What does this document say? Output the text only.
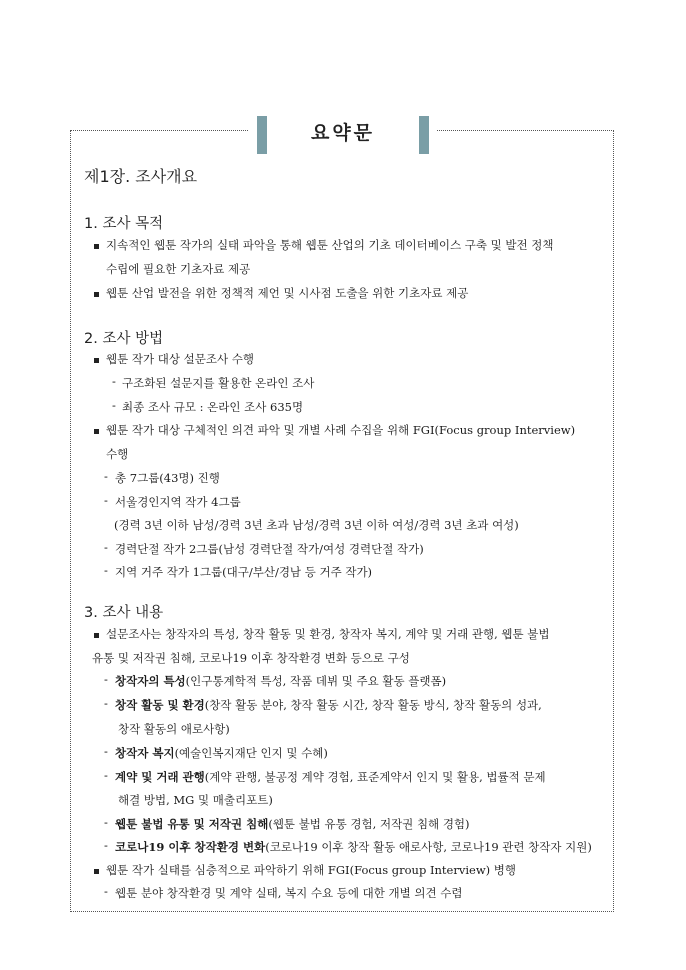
요약문
제1장. 조사개요
1. 조사 목적
지속적인 웹툰 작가의 실태 파악을 통해 웹툰 산업의 기초 데이터베이스 구축 및 발전 정책
수립에 필요한 기초자료 제공
웹툰 산업 발전을 위한 정책적 제언 및 시사점 도출을 위한 기초자료 제공
2. 조사 방법
웹툰 작가 대상 설문조사 수행
- 구조화된 설문지를 활용한 온라인 조사
- 최종 조사 규모 : 온라인 조사 635명
웹툰 작가 대상 구체적인 의견 파악 및 개별 사례 수집을 위해 FGI(Focus group Interview)
수행
- 총 7그룹(43명) 진행
- 서울경인지역 작가 4그룹
(경력 3년 이하 남성/경력 3년 초과 남성/경력 3년 이하 여성/경력 3년 초과 여성)
- 경력단절 작가 2그룹(남성 경력단절 작가/여성 경력단절 작가)
- 지역 거주 작가 1그룹(대구/부산/경남 등 거주 작가)
3. 조사 내용
설문조사는 창작자의 특성, 창작 활동 및 환경, 창작자 복지, 계약 및 거래 관행, 웹툰 불법
유통 및 저작권 침해, 코로나19 이후 창작환경 변화 등으로 구성
- 창작자의 특성(인구통계학적 특성, 작품 데뷔 및 주요 활동 플랫폼)
- 창작 활동 및 환경(창작 활동 분야, 창작 활동 시간, 창작 활동 방식, 창작 활동의 성과,
창작 활동의 애로사항)
- 창작자 복지(예술인복지재단 인지 및 수혜)
- 계약 및 거래 관행(계약 관행, 불공정 계약 경험, 표준계약서 인지 및 활용, 법률적 문제
해결 방법, MG 및 매출리포트)
- 웹툰 불법 유통 및 저작권 침해(웹툰 불법 유통 경험, 저작권 침해 경험)
- 코로나19 이후 창작환경 변화(코로나19 이후 창작 활동 애로사항, 코로나19 관련 창작자 지원)
웹툰 작가 실태를 심층적으로 파악하기 위해 FGI(Focus group Interview) 병행
- 웹툰 분야 창작환경 및 계약 실태, 복지 수요 등에 대한 개별 의견 수렴
